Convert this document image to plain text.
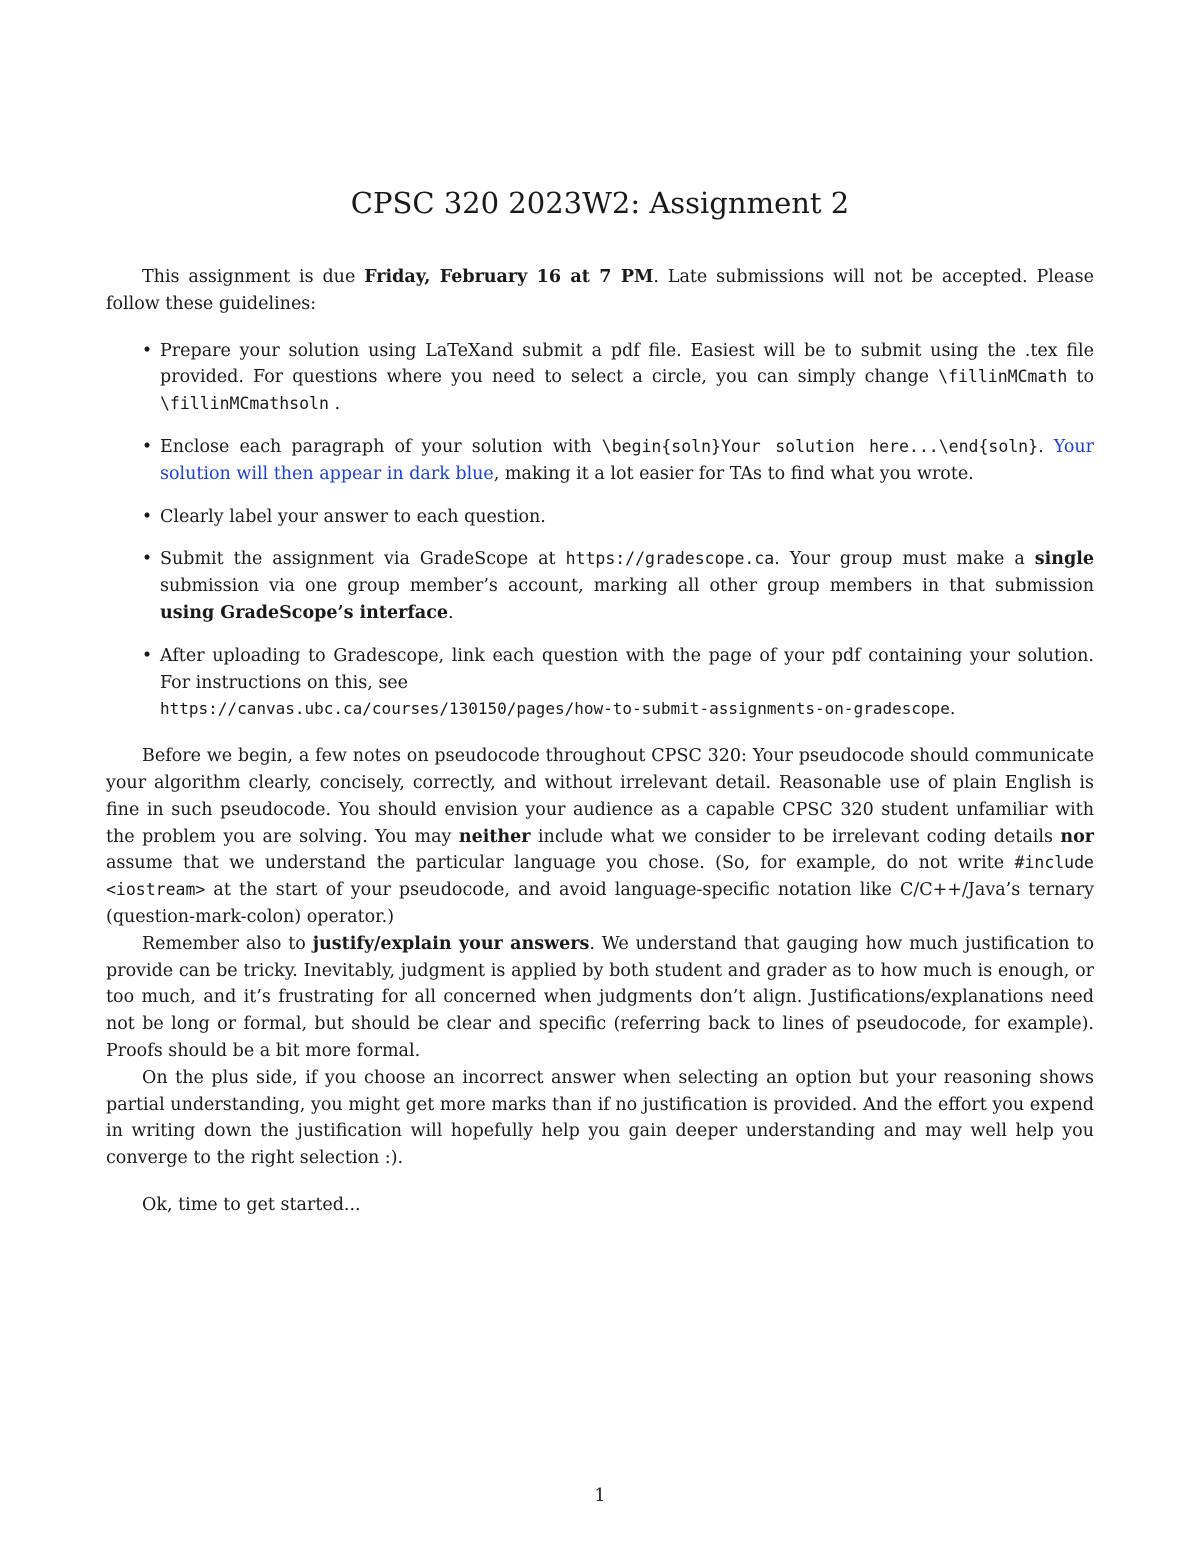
CPSC 320 2023W2: Assignment 2

This assignment is due Friday, February 16 at 7 PM. Late submissions will not be accepted. Please follow these guidelines:

• Prepare your solution using LaTeXand submit a pdf file. Easiest will be to submit using the .tex file provided. For questions where you need to select a circle, you can simply change \fillinMCmath to \fillinMCmathsoln .
• Enclose each paragraph of your solution with \begin{soln}Your solution here...\end{soln}. Your solution will then appear in dark blue, making it a lot easier for TAs to find what you wrote.
• Clearly label your answer to each question.
• Submit the assignment via GradeScope at https://gradescope.ca. Your group must make a single submission via one group member’s account, marking all other group members in that submission using GradeScope’s interface.
• After uploading to Gradescope, link each question with the page of your pdf containing your solution. For instructions on this, see
https://canvas.ubc.ca/courses/130150/pages/how-to-submit-assignments-on-gradescope.

Before we begin, a few notes on pseudocode throughout CPSC 320: Your pseudocode should communicate your algorithm clearly, concisely, correctly, and without irrelevant detail. Reasonable use of plain English is fine in such pseudocode. You should envision your audience as a capable CPSC 320 student unfamiliar with the problem you are solving. You may neither include what we consider to be irrelevant coding details nor assume that we understand the particular language you chose. (So, for example, do not write #include <iostream> at the start of your pseudocode, and avoid language-specific notation like C/C++/Java’s ternary (question-mark-colon) operator.)

Remember also to justify/explain your answers. We understand that gauging how much justification to provide can be tricky. Inevitably, judgment is applied by both student and grader as to how much is enough, or too much, and it’s frustrating for all concerned when judgments don’t align. Justifications/explanations need not be long or formal, but should be clear and specific (referring back to lines of pseudocode, for example). Proofs should be a bit more formal.

On the plus side, if you choose an incorrect answer when selecting an option but your reasoning shows partial understanding, you might get more marks than if no justification is provided. And the effort you expend in writing down the justification will hopefully help you gain deeper understanding and may well help you converge to the right selection :).

Ok, time to get started...

1
